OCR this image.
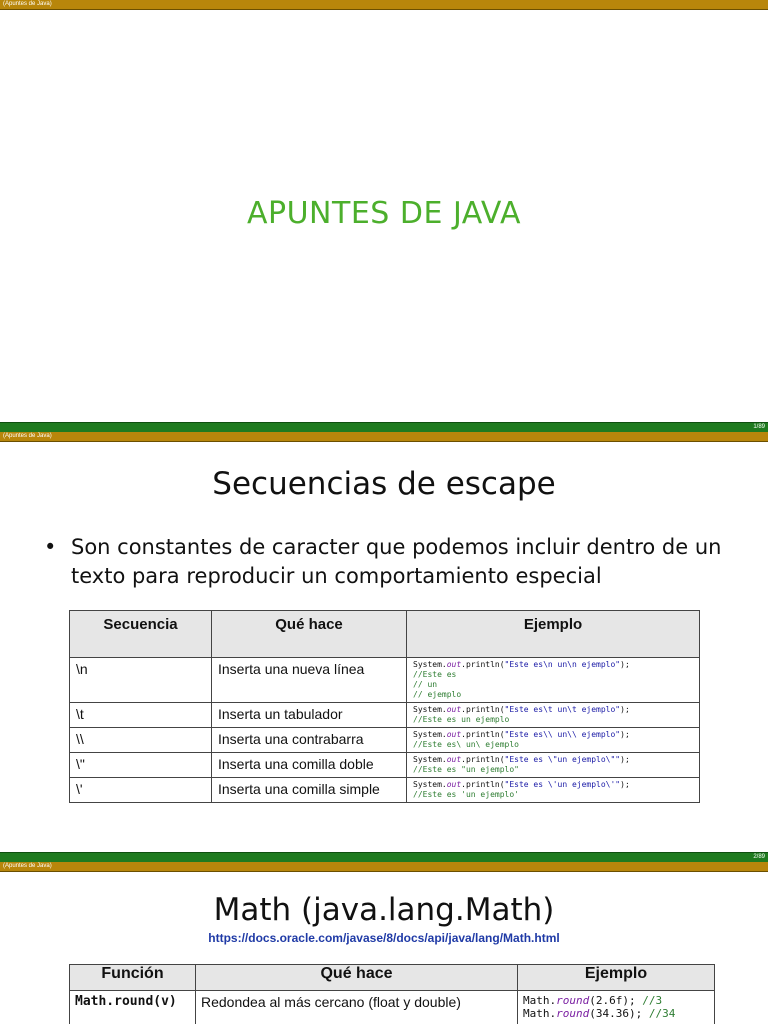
(Apuntes de Java)
APUNTES DE JAVA
1/89
(Apuntes de Java)
Secuencias de escape
• Son constantes de caracter que podemos incluir dentro de un texto para reproducir un comportamiento especial
Secuencia	Qué hace	Ejemplo
\n	Inserta una nueva línea	System.out.println("Este es\n un\n ejemplo");
//Este es
// un
// ejemplo

\t	Inserta un tabulador	System.out.println("Este es\t un\t ejemplo");
//Este es un ejemplo

\\	Inserta una contrabarra	System.out.println("Este es\\ un\\ ejemplo");
//Este es\ un\ ejemplo

\"	Inserta una comilla doble	System.out.println("Este es \"un ejemplo\"");
//Este es "un ejemplo"

\'	Inserta una comilla simple	System.out.println("Este es \'un ejemplo\'");
//Este es 'un ejemplo'
2/89
(Apuntes de Java)
Math (java.lang.Math)
https://docs.oracle.com/javase/8/docs/api/java/lang/Math.html
Función	Qué hace	Ejemplo
Math.round(v)	Redondea al más cercano (float y double)	Math.round(2.6f); //3
Math.round(34.36); //34
